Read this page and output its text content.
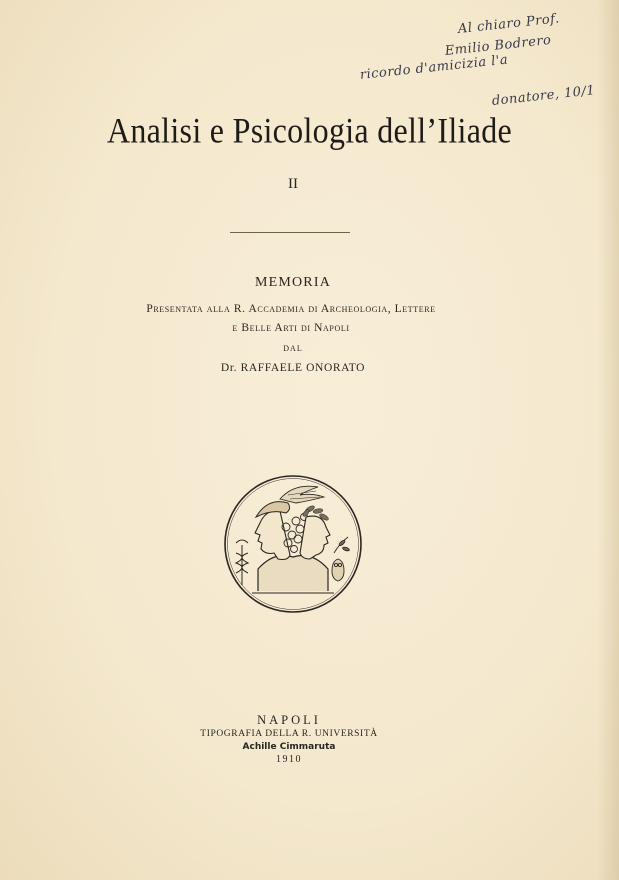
Al chiaro Prof.
Emilio Bodrero
ricordo d'amicizia l'a
donatore, 10/1
Analisi e Psicologia dell’Iliade
II
MEMORIA
Presentata alla R. Accademia di Archeologia, Lettere
e Belle Arti di Napoli
DAL
Dr. RAFFAELE ONORATO
NAPOLI
TIPOGRAFIA DELLA R. UNIVERSITÀ
Achille Cimmaruta
1910
